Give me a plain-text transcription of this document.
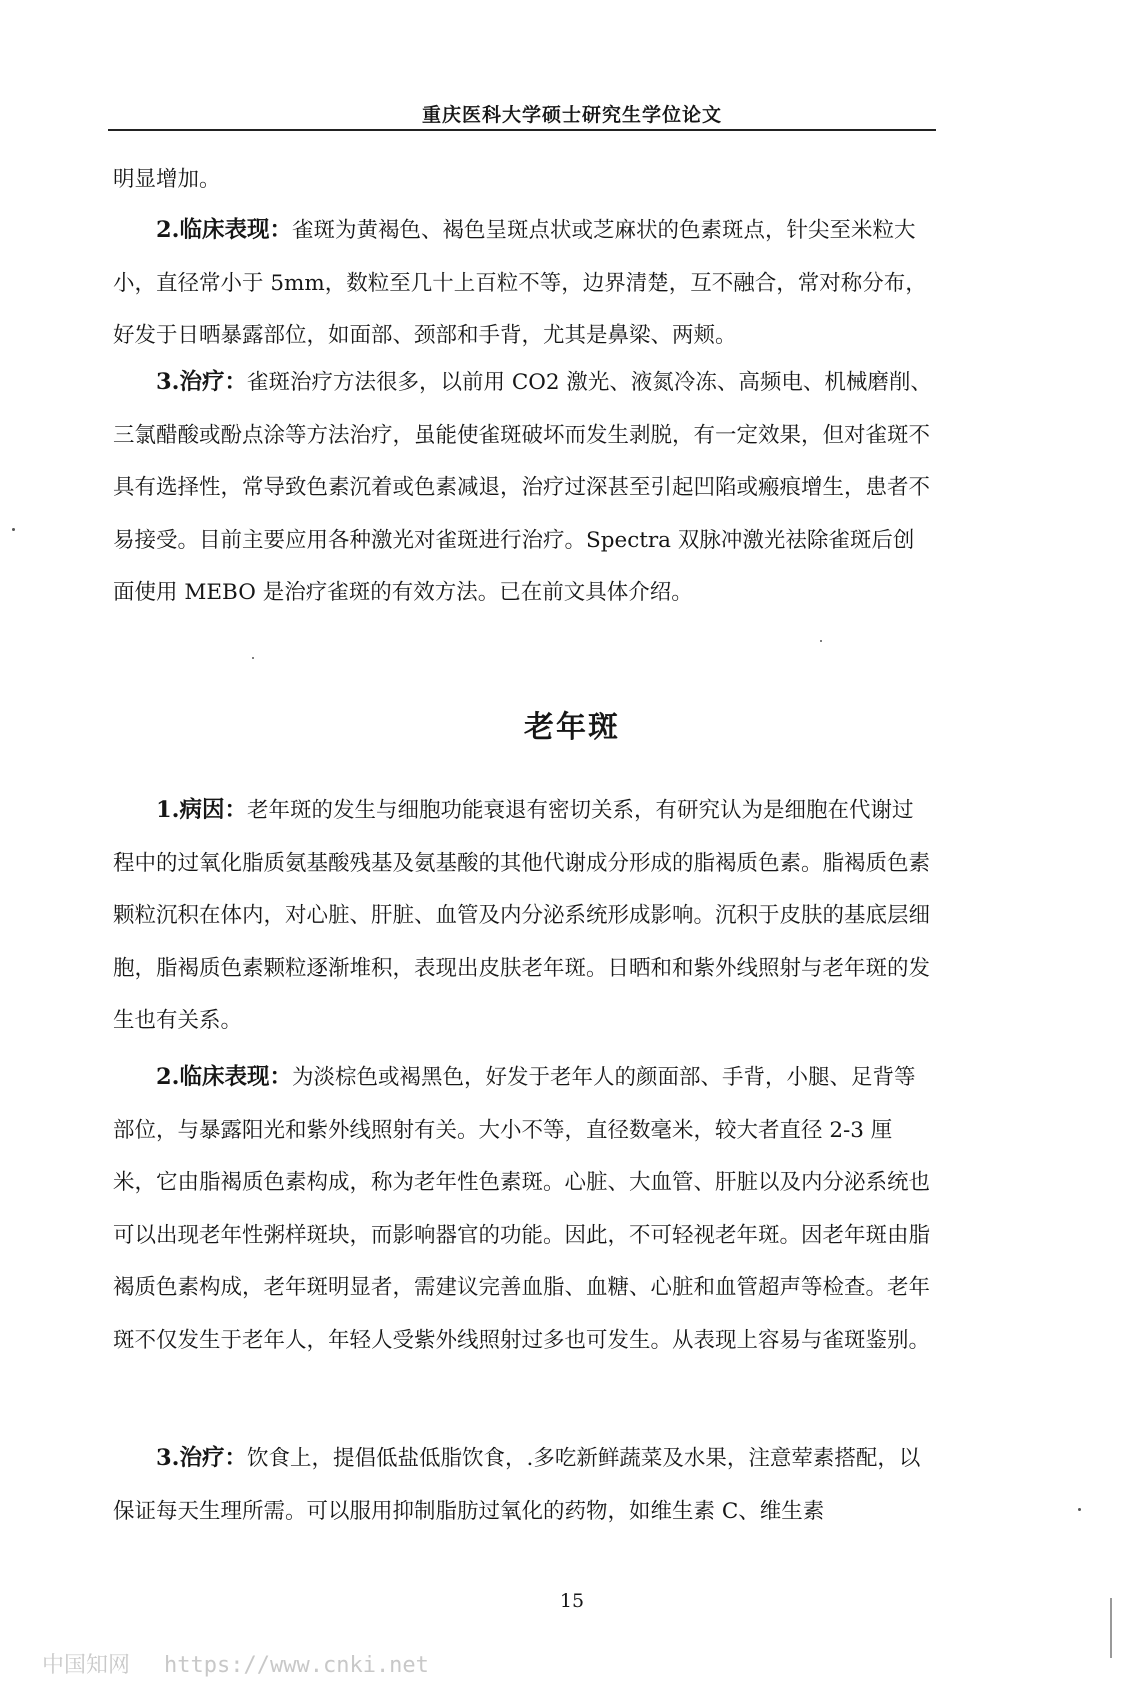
重庆医科大学硕士研究生学位论文

明显增加。

2.临床表现：雀斑为黄褐色、褐色呈斑点状或芝麻状的色素斑点，针尖至米粒大小，直径常小于 5mm，数粒至几十上百粒不等，边界清楚，互不融合，常对称分布，好发于日晒暴露部位，如面部、颈部和手背，尤其是鼻梁、两颊。

3.治疗：雀斑治疗方法很多，以前用 CO2 激光、液氮冷冻、高频电、机械磨削、三氯醋酸或酚点涂等方法治疗，虽能使雀斑破坏而发生剥脱，有一定效果，但对雀斑不具有选择性，常导致色素沉着或色素减退，治疗过深甚至引起凹陷或瘢痕增生，患者不易接受。目前主要应用各种激光对雀斑进行治疗。Spectra 双脉冲激光祛除雀斑后创面使用 MEBO 是治疗雀斑的有效方法。已在前文具体介绍。

老年斑

1.病因：老年斑的发生与细胞功能衰退有密切关系，有研究认为是细胞在代谢过程中的过氧化脂质氨基酸残基及氨基酸的其他代谢成分形成的脂褐质色素。脂褐质色素颗粒沉积在体内，对心脏、肝脏、血管及内分泌系统形成影响。沉积于皮肤的基底层细胞，脂褐质色素颗粒逐渐堆积，表现出皮肤老年斑。日晒和和紫外线照射与老年斑的发生也有关系。

2.临床表现：为淡棕色或褐黑色，好发于老年人的颜面部、手背，小腿、足背等部位，与暴露阳光和紫外线照射有关。大小不等，直径数毫米，较大者直径 2-3 厘米，它由脂褐质色素构成，称为老年性色素斑。心脏、大血管、肝脏以及内分泌系统也可以出现老年性粥样斑块，而影响器官的功能。因此，不可轻视老年斑。因老年斑由脂褐质色素构成，老年斑明显者，需建议完善血脂、血糖、心脏和血管超声等检查。老年斑不仅发生于老年人，年轻人受紫外线照射过多也可发生。从表现上容易与雀斑鉴别。

3.治疗：饮食上，提倡低盐低脂饮食，.多吃新鲜蔬菜及水果，注意荤素搭配，以保证每天生理所需。可以服用抑制脂肪过氧化的药物，如维生素 C、维生素

15
中国知网 https://www.cnki.net
